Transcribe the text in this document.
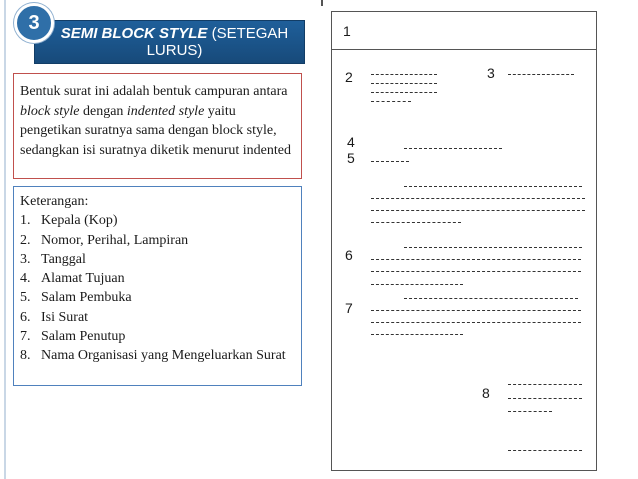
SEMI BLOCK STYLE (SETEGAH LURUS)
3
Bentuk surat ini adalah bentuk campuran antara block style dengan indented style yaitu pengetikan suratnya sama dengan block style, sedangkan isi suratnya diketik menurut indented
Keterangan:
1. Kepala (Kop)
2. Nomor, Perihal, Lampiran
3. Tanggal
4. Alamat Tujuan
5. Salam Pembuka
6. Isi Surat
7. Salam Penutup
8. Nama Organisasi yang Mengeluarkan Surat
1
2	3
4
5
6
7
8
